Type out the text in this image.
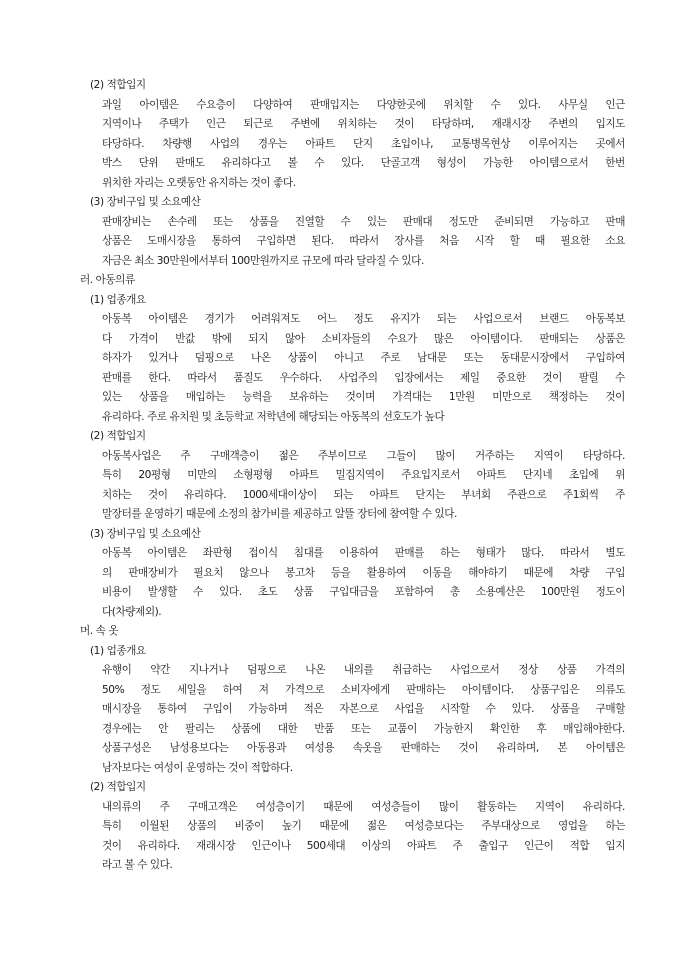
(2) 적합입지
과일 아이템은 수요층이 다양하여 판매입지는 다양한곳에 위치할 수 있다. 사무실 인근
지역이나 주택가 인근 퇴근로 주변에 위치하는 것이 타당하며, 재래시장 주변의 입지도
타당하다. 차량행 사업의 경우는 아파트 단지 초입이나, 교통병목현상 이루어지는 곳에서
박스 단위 판매도 유리하다고 볼 수 있다. 단골고객 형성이 가능한 아이템으로서 한번
위치한 자리는 오랫동안 유지하는 것이 좋다.
(3) 장비구입 및 소요예산
판매장비는 손수레 또는 상품을 진열할 수 있는 판매대 정도만 준비되면 가능하고 판매
상품은 도매시장을 통하여 구입하면 된다. 따라서 장사를 처음 시작 할 때 필요한 소요
자금은 최소 30만원에서부터 100만원까지로 규모에 따라 달라질 수 있다.
러. 아동의류
(1) 업종개요
아동복 아이템은 경기가 어려워져도 어느 정도 유지가 되는 사업으로서 브랜드 아동복보
다 가격이 반값 밖에 되지 않아 소비자들의 수요가 많은 아이템이다. 판매되는 상품은
하자가 있거나 덤핑으로 나온 상품이 아니고 주로 남대문 또는 동대문시장에서 구입하여
판매를 한다. 따라서 품질도 우수하다. 사업주의 입장에서는 제일 중요한 것이 팔릴 수
있는 상품을 매입하는 능력을 보유하는 것이며 가격대는 1만원 미만으로 책정하는 것이
유리하다. 주로 유치원 및 초등학교 저학년에 해당되는 아동복의 선호도가 높다
(2) 적합입지
아동복사업은 주 구매객층이 젊은 주부이므로 그들이 많이 거주하는 지역이 타당하다.
특히 20평형 미만의 소형평형 아파트 밀집지역이 주요입지로서 아파트 단지네 초입에 위
치하는 것이 유리하다. 1000세대이상이 되는 아파트 단지는 부녀회 주관으로 주1회씩 주
말장터를 운영하기 때문에 소정의 참가비를 제공하고 알뜰 장터에 참여할 수 있다.
(3) 장비구입 및 소요예산
아동복 아이템은 좌판형 접이식 침대를 이용하여 판매를 하는 형태가 많다. 따라서 별도
의 판매장비가 필요치 않으나 봉고차 등을 활용하여 이동을 해야하기 때문에 차량 구입
비용이 발생할 수 있다. 초도 상품 구입대금을 포함하여 총 소용예산은 100만원 정도이
다(차량제외).
머. 속 옷
(1) 업종개요
유행이 약간 지나거나 덤핑으로 나온 내의를 취급하는 사업으로서 정상 상품 가격의
50% 정도 세일을 하여 져 가격으로 소비자에게 판매하는 아이템이다. 상품구입은 의류도
매시장을 통하여 구입이 가능하며 적은 자본으로 사업을 시작할 수 있다. 상품을 구매할
경우에는 안 팔리는 상품에 대한 반품 또는 교품이 가능한지 확인한 후 매입해야한다.
상품구성은 남성용보다는 아동용과 여성용 속옷을 판매하는 것이 유리하며, 본 아이템은
남자보다는 여성이 운영하는 것이 적합하다.
(2) 적합입지
내의류의 주 구매고객은 여성층이기 때문에 여성층들이 많이 활동하는 지역이 유리하다.
특히 이월된 상품의 비중이 높기 때문에 젊은 여성층보다는 주부대상으로 영업을 하는
것이 유리하다. 재래시장 인근이나 500세대 이상의 아파트 주 출입구 인근이 적합 입지
라고 볼 수 있다.
